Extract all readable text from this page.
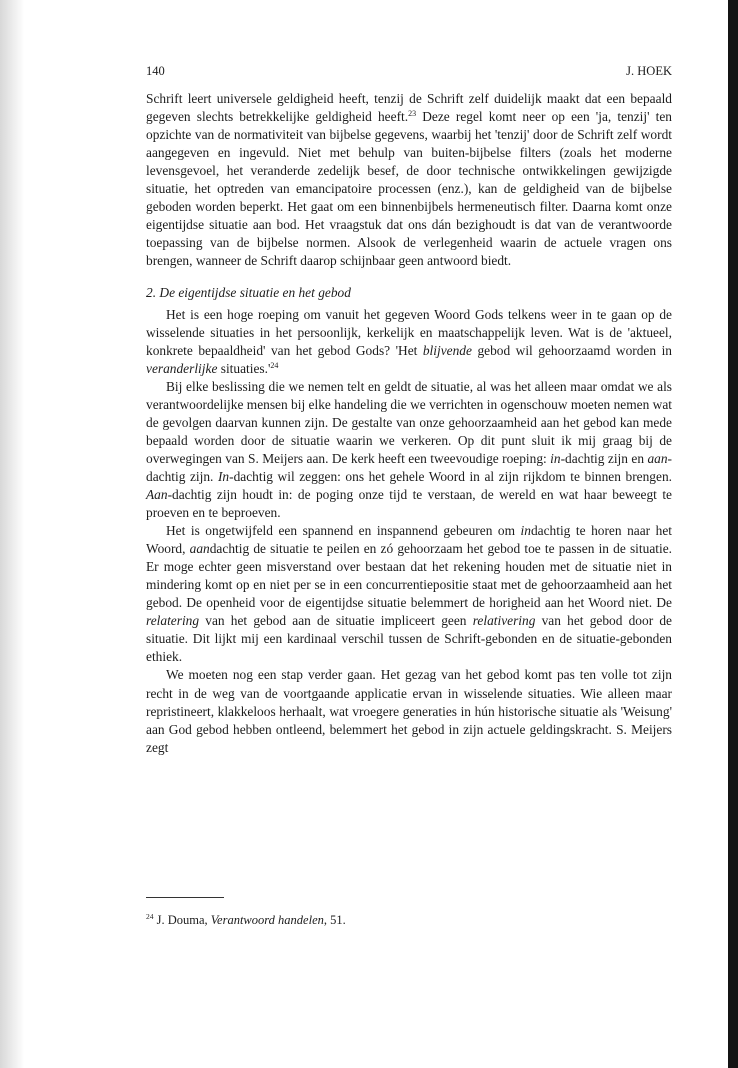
140	J. HOEK

Schrift leert universele geldigheid heeft, tenzij de Schrift zelf duidelijk maakt dat een bepaald gegeven slechts betrekkelijke geldigheid heeft.$^{23}$ Deze regel komt neer op een 'ja, tenzij' ten opzichte van de normativiteit van bijbelse gegevens, waarbij het 'tenzij' door de Schrift zelf wordt aangegeven en ingevuld. Niet met behulp van buiten-bijbelse filters (zoals het moderne levensgevoel, het veranderde zedelijk besef, de door technische ontwikkelingen gewijzigde situatie, het optreden van emancipatoire processen (enz.), kan de geldigheid van de bijbelse geboden worden beperkt. Het gaat om een binnenbijbels hermeneutisch filter. Daarna komt onze eigentijdse situatie aan bod. Het vraagstuk dat ons dán bezighoudt is dat van de verantwoorde toepassing van de bijbelse normen. Alsook de verlegenheid waarin de actuele vragen ons brengen, wanneer de Schrift daarop schijnbaar geen antwoord biedt.

2. De eigentijdse situatie en het gebod

Het is een hoge roeping om vanuit het gegeven Woord Gods telkens weer in te gaan op de wisselende situaties in het persoonlijk, kerkelijk en maatschappelijk leven. Wat is de 'aktueel, konkrete bepaaldheid' van het gebod Gods? 'Het blijvende gebod wil gehoorzaamd worden in veranderlijke $situaties.'^{24}$

Bij elke beslissing die we nemen telt en geldt de situatie, al was het alleen maar omdat we als verantwoordelijke mensen bij elke handeling die we verrichten in ogenschouw moeten nemen wat de gevolgen daarvan kunnen zijn. De gestalte van onze gehoorzaamheid aan het gebod kan mede bepaald worden door de situatie waarin we verkeren. Op dit punt sluit ik mij graag bij de overwegingen van S. Meijers aan. De kerk heeft een tweevoudige roeping: in-dachtig zijn en aan-dachtig zijn. In-dachtig wil zeggen: ons het gehele Woord in al zijn rijkdom te binnen brengen. Aan-dachtig zijn houdt in: de poging onze tijd te verstaan, de wereld en wat haar beweegt te proeven en te beproeven.

Het is ongetwijfeld een spannend en inspannend gebeuren om indachtig te horen naar het Woord, aandachtig de situatie te peilen en zó gehoorzaam het gebod toe te passen in de situatie. Er moge echter geen misverstand over bestaan dat het rekening houden met de situatie niet in mindering komt op en niet per se in een concurrentiepositie staat met de gehoorzaamheid aan het gebod. De openheid voor de eigentijdse situatie belemmert de horigheid aan het Woord niet. De relatering van het gebod aan de situatie impliceert geen relativering van het gebod door de situatie. Dit lijkt mij een kardinaal verschil tussen de Schrift-gebonden en de situatie-gebonden ethiek.

We moeten nog een stap verder gaan. Het gezag van het gebod komt pas ten volle tot zijn recht in de weg van de voortgaande applicatie ervan in wisselende situaties. Wie alleen maar repristineert, klakkeloos herhaalt, wat vroegere generaties in hún historische situatie als 'Weisung' aan God gebod hebben ontleend, belemmert het gebod in zijn actuele geldingskracht. S. Meijers zegt

$^{24}$ J. Douma, Verantwoord handelen, 51.
